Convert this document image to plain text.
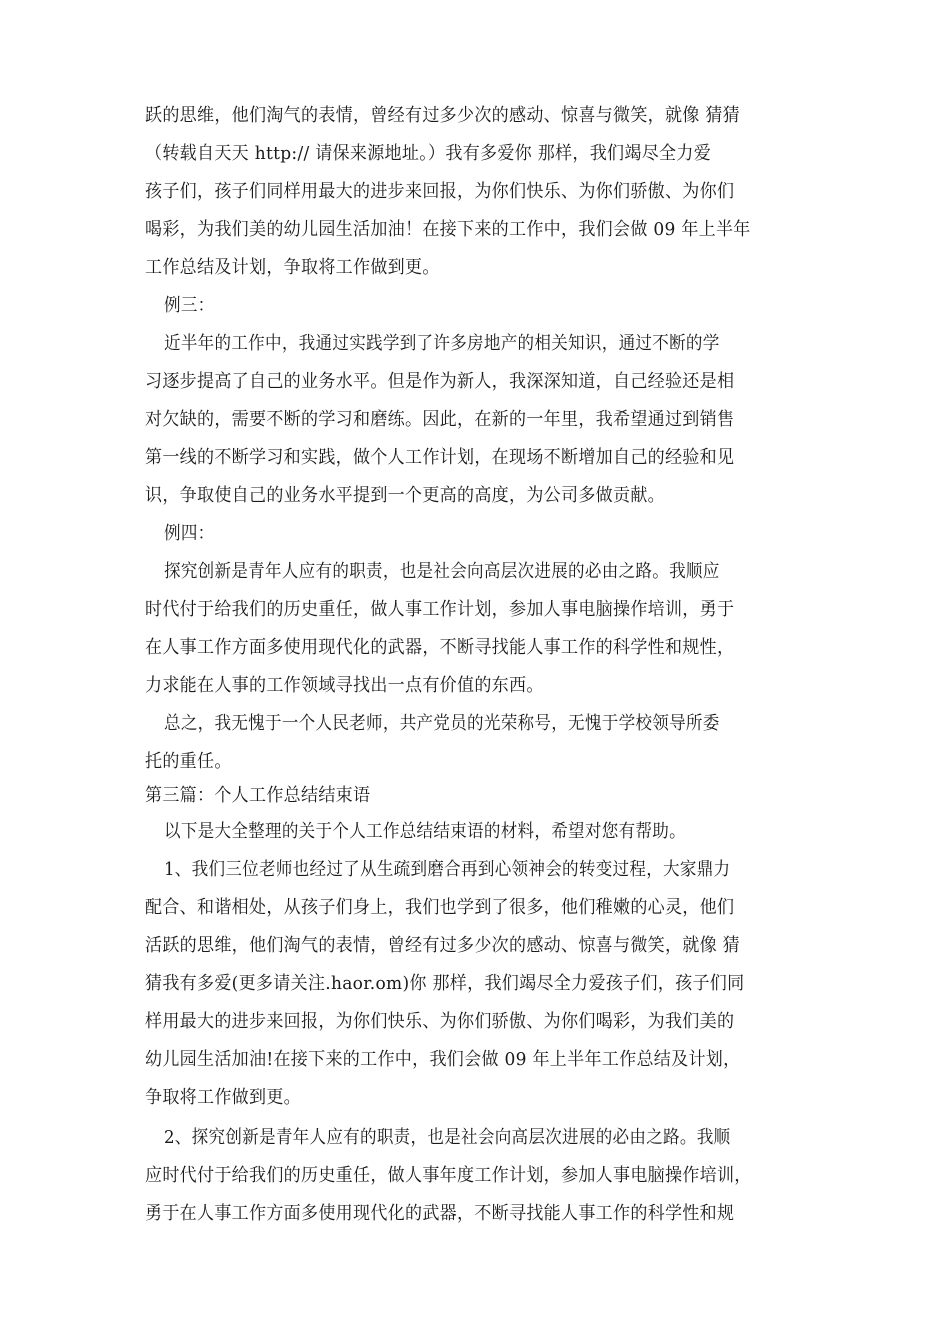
跃的思维，他们淘气的表情，曾经有过多少次的感动、惊喜与微笑，就像 猜猜
（转载自天天 http:// 请保来源地址。）我有多爱你 那样，我们竭尽全力爱
孩子们，孩子们同样用最大的进步来回报，为你们快乐、为你们骄傲、为你们
喝彩，为我们美的幼儿园生活加油！在接下来的工作中，我们会做 09 年上半年
工作总结及计划，争取将工作做到更。
例三：
近半年的工作中，我通过实践学到了许多房地产的相关知识，通过不断的学
习逐步提高了自己的业务水平。但是作为新人，我深深知道，自己经验还是相
对欠缺的，需要不断的学习和磨练。因此，在新的一年里，我希望通过到销售
第一线的不断学习和实践，做个人工作计划，在现场不断增加自己的经验和见
识，争取使自己的业务水平提到一个更高的高度，为公司多做贡献。
例四：
探究创新是青年人应有的职责，也是社会向高层次进展的必由之路。我顺应
时代付于给我们的历史重任，做人事工作计划，参加人事电脑操作培训，勇于
在人事工作方面多使用现代化的武器，不断寻找能人事工作的科学性和规性，
力求能在人事的工作领域寻找出一点有价值的东西。
总之，我无愧于一个人民老师，共产党员的光荣称号，无愧于学校领导所委
托的重任。
第三篇：个人工作总结结束语
以下是大全整理的关于个人工作总结结束语的材料，希望对您有帮助。
1、我们三位老师也经过了从生疏到磨合再到心领神会的转变过程，大家鼎力
配合、和谐相处，从孩子们身上，我们也学到了很多，他们稚嫩的心灵，他们
活跃的思维，他们淘气的表情，曾经有过多少次的感动、惊喜与微笑，就像 猜
猜我有多爱(更多请关注.haor.om)你 那样，我们竭尽全力爱孩子们，孩子们同
样用最大的进步来回报，为你们快乐、为你们骄傲、为你们喝彩，为我们美的
幼儿园生活加油!在接下来的工作中，我们会做 09 年上半年工作总结及计划，
争取将工作做到更。
2、探究创新是青年人应有的职责，也是社会向高层次进展的必由之路。我顺
应时代付于给我们的历史重任，做人事年度工作计划，参加人事电脑操作培训，
勇于在人事工作方面多使用现代化的武器，不断寻找能人事工作的科学性和规
